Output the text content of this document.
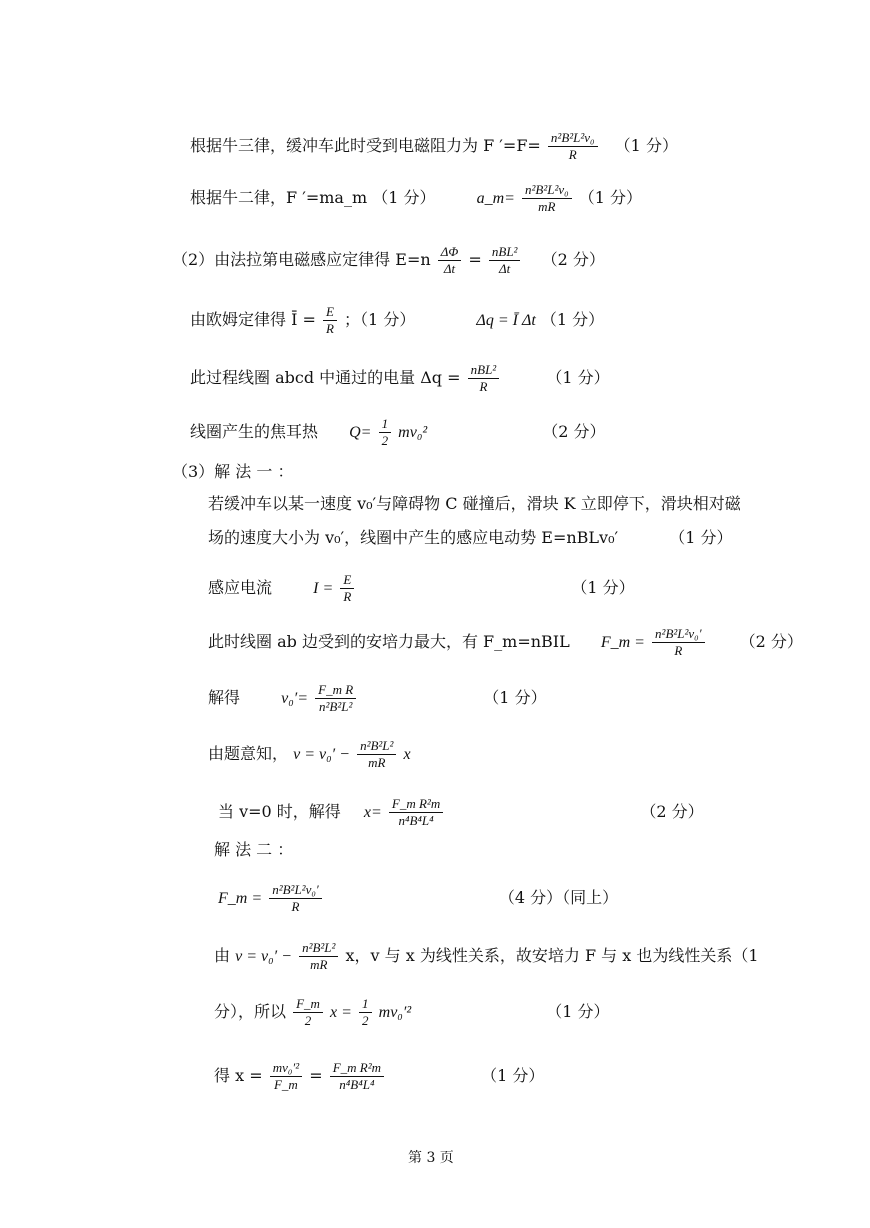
根据牛三律，缓冲车此时受到电磁阻力为 F $'=F= \frac{\text{n²B²L²v₀}}{R} (1$ 分）
根据牛二律，F ′=ma_m （1 分）	a_m= $\frac{\text{n²B²L²v₀}}{mR} (1$ 分）
（2）由法拉第电磁感应定律得 $E=n \frac{\Delta\Phi}{\Delta t} = nBL^2$
Δt （2 分）
由欧姆定律得 Ī = $\frac{E}{R}$ ；（1 分）	Δq = Ī Δt （1 分）
此过程线圈 abcd 中通过的电量 Δq = nBL²
R	（1 分）
线圈产生的焦耳热 $Q= \frac{1}{2} mv_0^2$	（2 分）
（3）解 法 一 ：
若缓冲车以某一速度 v₀′与障碍物 C 碰撞后，滑块 K 立即停下，滑块相对磁
场的速度大小为 v₀′，线圈中产生的感应电动势 E=nBLv₀′	（1 分）
感应电流	$I = \frac{E}{R}$	（1 分）
此时线圈 ab 边受到的安培力最大，有 F_m=nBIL F_m = $\frac{\text{n²B²L²v₀′}}{R} (2$ 分）
解得	$v_0'= \frac{\text{F\_m R}}{\text{n²B²L²}}$	（1 分）
由题意知， $v = v_0' - \frac{\text{n²B²L²}}{mR}$ x
当 v=0 时，解得 $x= \frac{\text{F\_m R²m}}{\text{n⁴B⁴L⁴}}$	（2 分）
解 法 二 ：
F_m = $\frac{\text{n²B²L²v₀′}}{R}$	（4 分）（同上）
由 $v = v_0' - \frac{\text{n²B²L²}}{mR}$ x，v 与 x 为线性关系，故安培力 F 与 x 也为线性关系（1
分），所以 $\frac{F\_m}{2}$ $x = \frac{1}{2} mv_0'^2$	（1 分）
得 $x = \frac{\text{mv₀′²}}{F\_m} = \frac{\text{F\_m R²m}}{\text{n⁴B⁴L⁴}}$	（1 分）
第 3 页
